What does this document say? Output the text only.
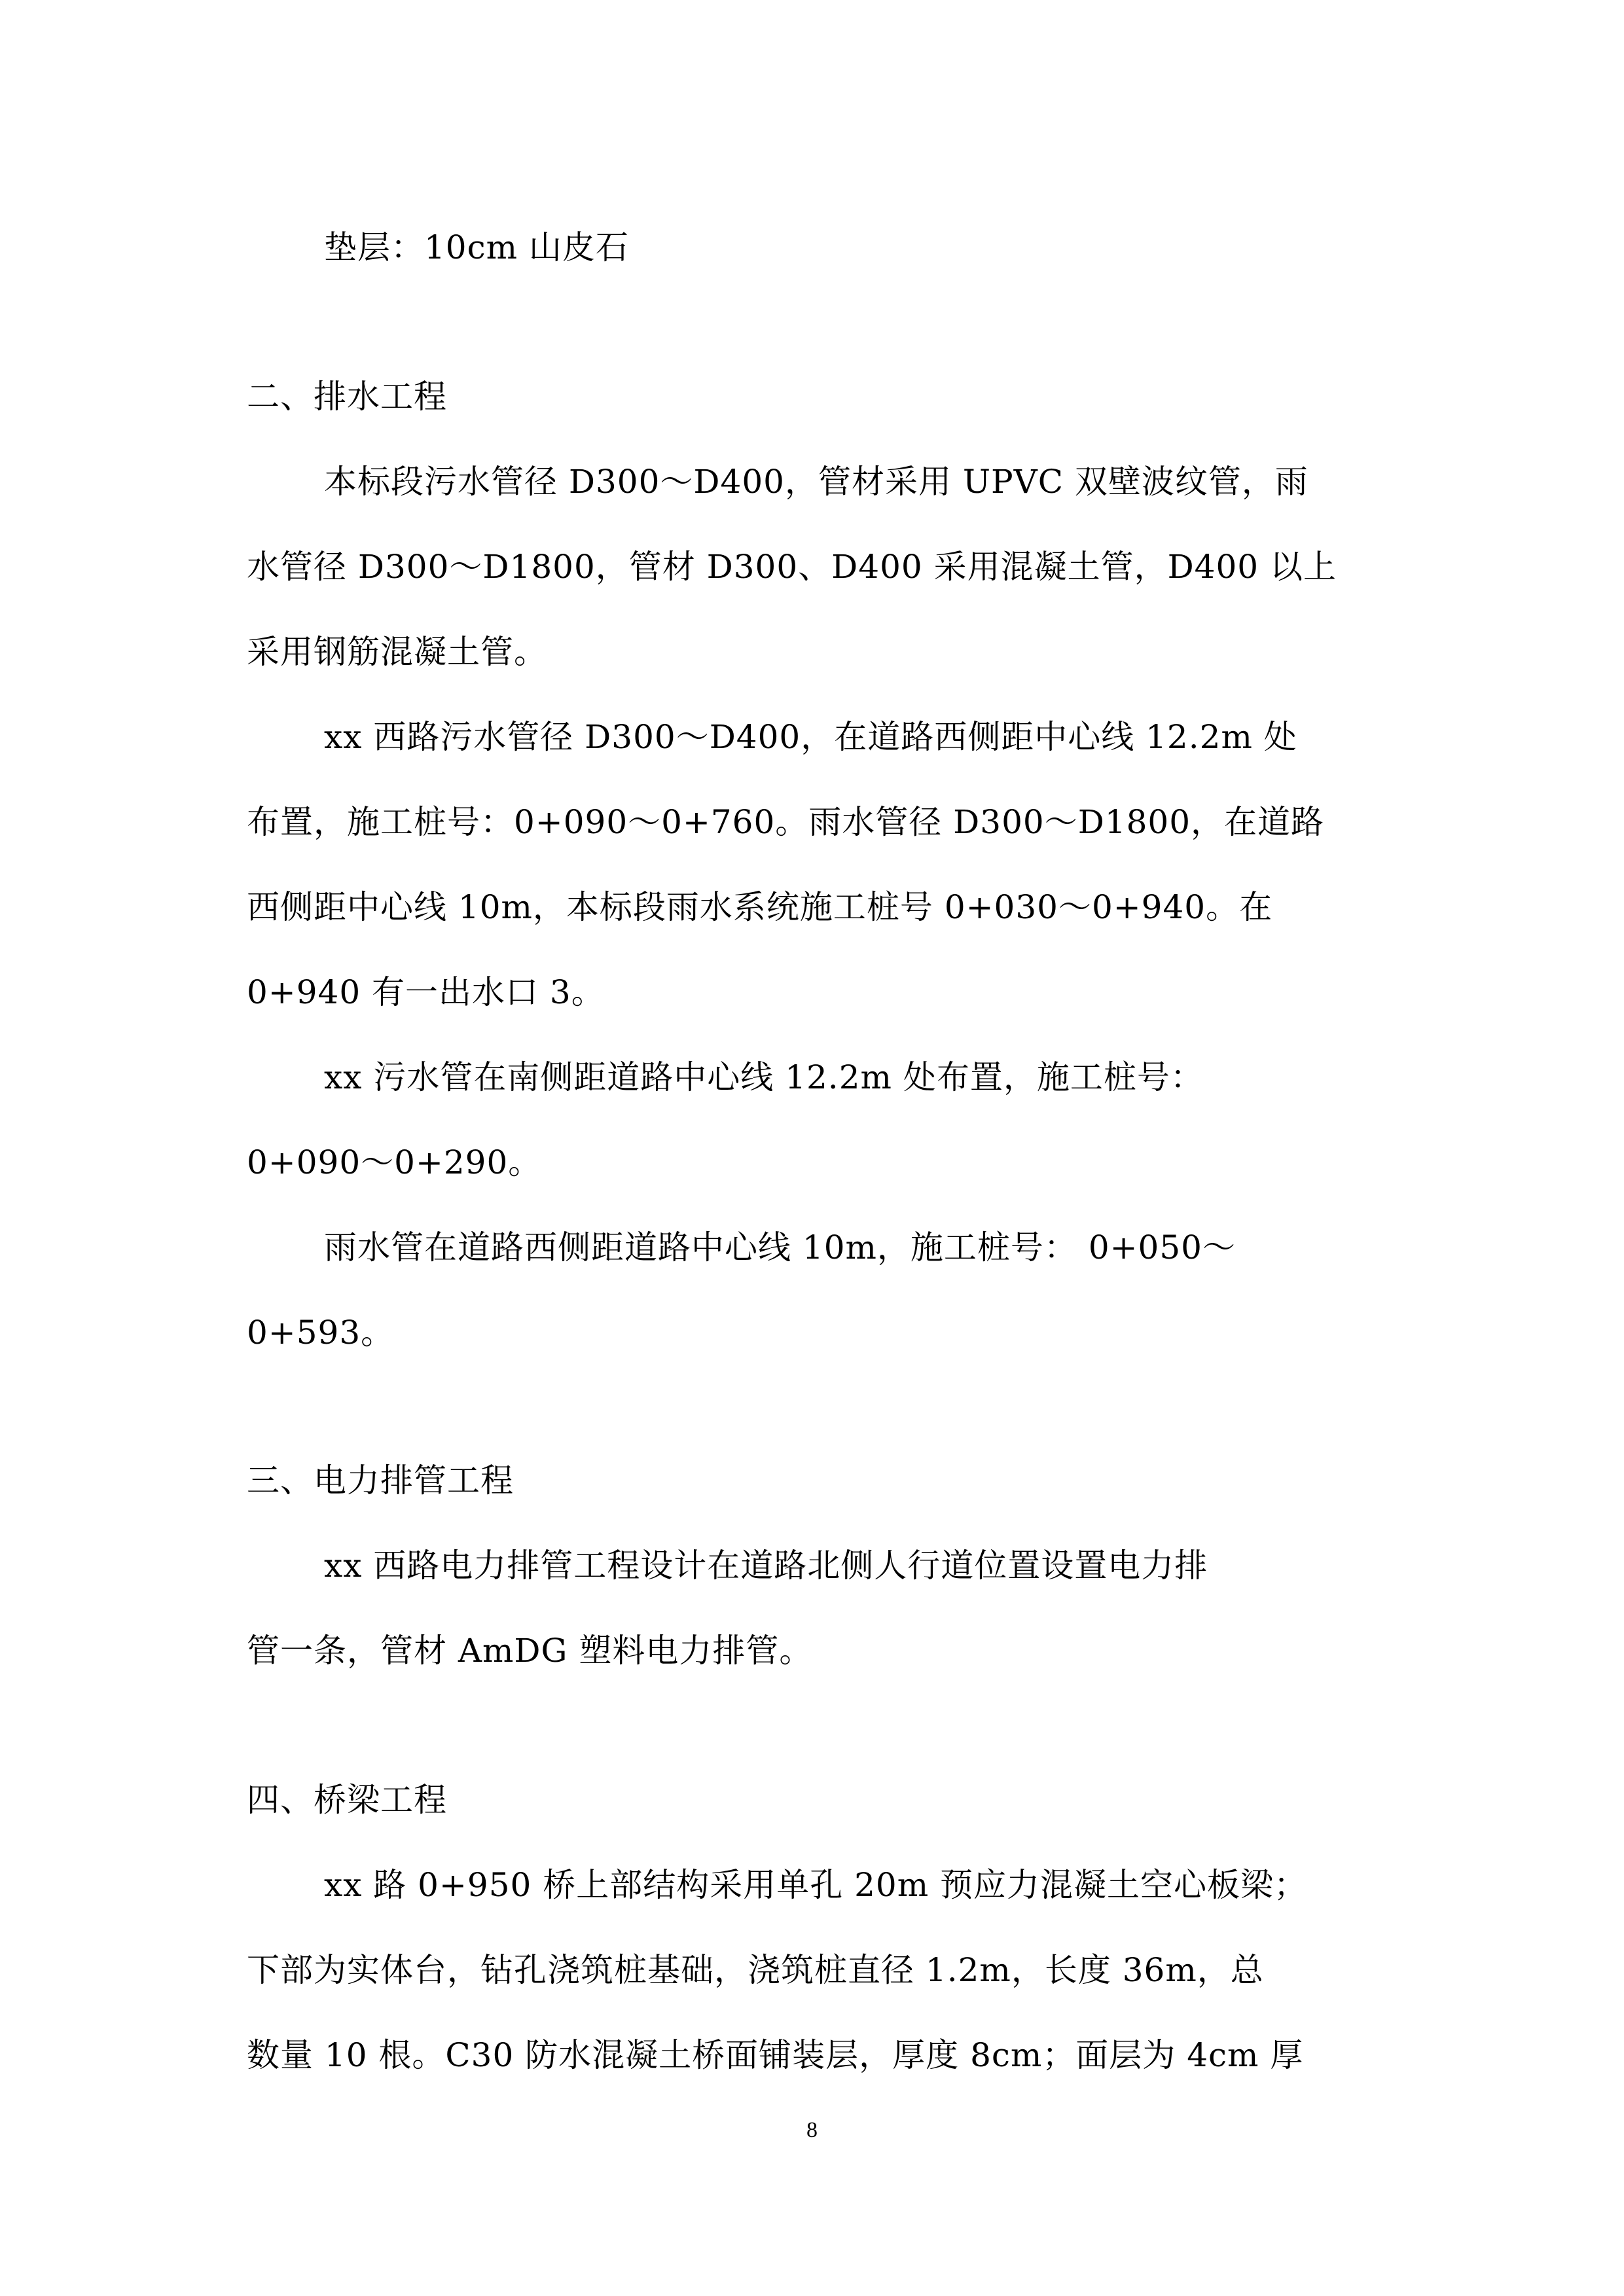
垫层：10cm 山皮石
二、排水工程
本标段污水管径 D300～D400，管材采用 UPVC 双壁波纹管，雨
水管径 D300～D1800，管材 D300、D400 采用混凝土管，D400 以上
采用钢筋混凝土管。
xx 西路污水管径 D300～D400，在道路西侧距中心线 12.2m 处
布置，施工桩号：0+090～0+760。雨水管径 D300～D1800，在道路
西侧距中心线 10m，本标段雨水系统施工桩号 0+030～0+940。在
0+940 有一出水口 3。
xx 污水管在南侧距道路中心线 12.2m 处布置，施工桩号：
0+090～0+290。
雨水管在道路西侧距道路中心线 10m，施工桩号： 0+050～
0+593。
三、电力排管工程
xx 西路电力排管工程设计在道路北侧人行道位置设置电力排
管一条，管材 AmDG 塑料电力排管。
四、桥梁工程
xx 路 0+950 桥上部结构采用单孔 20m 预应力混凝土空心板梁；
下部为实体台，钻孔浇筑桩基础，浇筑桩直径 1.2m，长度 36m，总
数量 10 根。C30 防水混凝土桥面铺装层，厚度 8cm；面层为 4cm 厚
8
